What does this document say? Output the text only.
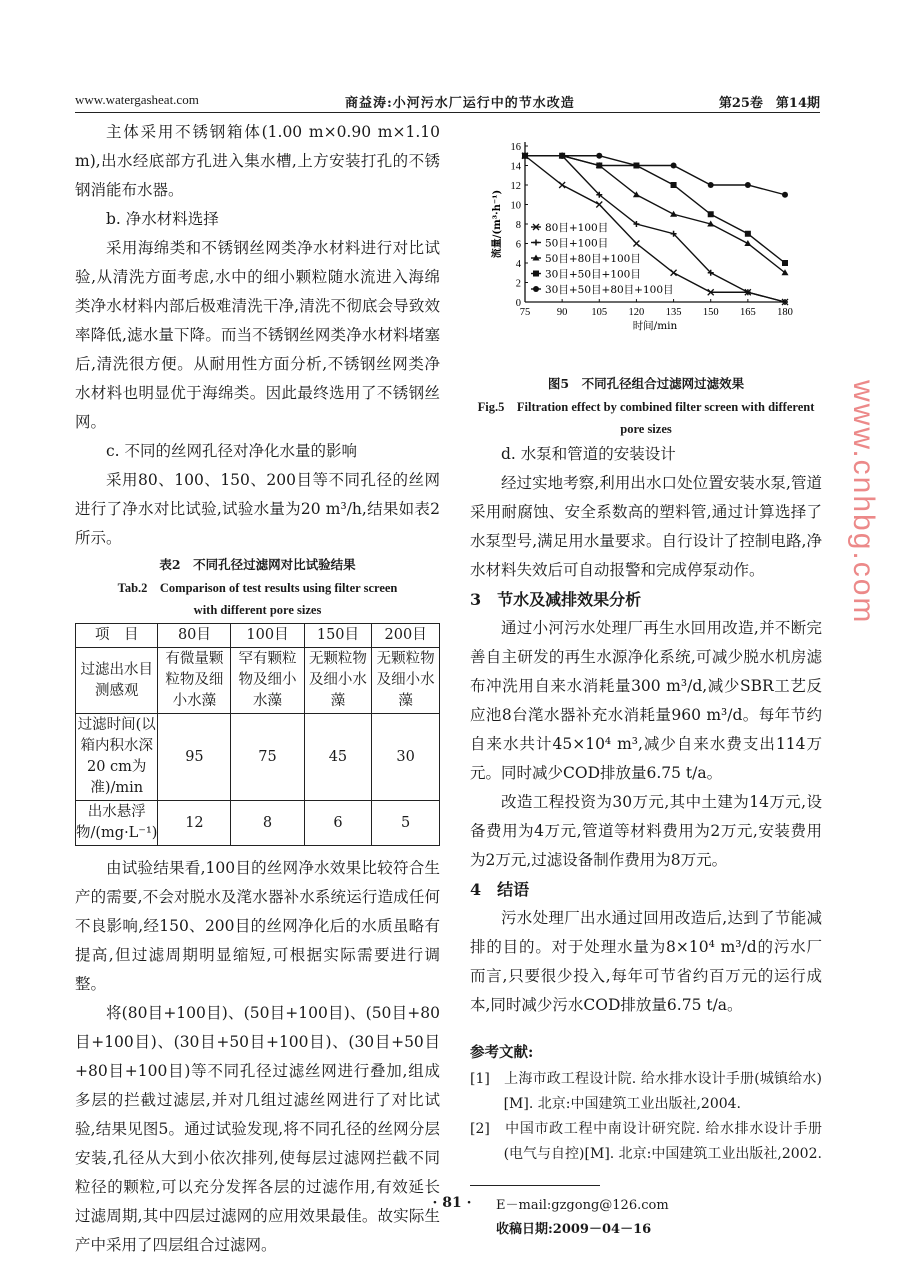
www.watergasheat.com	商益涛:小河污水厂运行中的节水改造	第25卷　第14期

主体采用不锈钢箱体(1.00 m×0.90 m×1.10 m),出水经底部方孔进入集水槽,上方安装打孔的不锈钢消能布水器。

b. 净水材料选择

采用海绵类和不锈钢丝网类净水材料进行对比试验,从清洗方面考虑,水中的细小颗粒随水流进入海绵类净水材料内部后极难清洗干净,清洗不彻底会导致效率降低,滤水量下降。而当不锈钢丝网类净水材料堵塞后,清洗很方便。从耐用性方面分析,不锈钢丝网类净水材料也明显优于海绵类。因此最终选用了不锈钢丝网。

c. 不同的丝网孔径对净化水量的影响

采用80、100、150、200目等不同孔径的丝网进行了净水对比试验,试验水量为20 m³/h,结果如表2所示。

表2　不同孔径过滤网对比试验结果

Tab.2　Comparison of test results using filter screen with different pore sizes

项　目	80目	100目	150目	200目
过滤出水目测感观	有微量颗粒物及细小水藻	罕有颗粒物及细小水藻	无颗粒物及细小水藻	无颗粒物及细小水藻
过滤时间(以箱内积水深20 cm为准)/min	95	75	45	30
出水悬浮物/(mg·L⁻¹)	12	8	6	5

由试验结果看,100目的丝网净水效果比较符合生产的需要,不会对脱水及滗水器补水系统运行造成任何不良影响,经150、200目的丝网净化后的水质虽略有提高,但过滤周期明显缩短,可根据实际需要进行调整。

将(80目+100目)、(50目+100目)、(50目+80目+100目)、(30目+50目+100目)、(30目+50目+80目+100目)等不同孔径过滤丝网进行叠加,组成多层的拦截过滤层,并对几组过滤丝网进行了对比试验,结果见图5。通过试验发现,将不同孔径的丝网分层安装,孔径从大到小依次排列,使每层过滤网拦截不同粒径的颗粒,可以充分发挥各层的过滤作用,有效延长过滤周期,其中四层过滤网的应用效果最佳。故实际生产中采用了四层组合过滤网。

75	90 105 120 135 150 165 180
0
2
4
6
8
10
12
14
16
时间/min
流量/(m³·h⁻¹)	80目+100目
50目+100目
50目+80目+100目
30目+50目+100目
30目+50目+80目+100目

图5　不同孔径组合过滤网过滤效果

Fig.5　Filtration effect by combined filter screen with different pore sizes

d. 水泵和管道的安装设计

经过实地考察,利用出水口处位置安装水泵,管道采用耐腐蚀、安全系数高的塑料管,通过计算选择了水泵型号,满足用水量要求。自行设计了控制电路,净水材料失效后可自动报警和完成停泵动作。

3　节水及减排效果分析

通过小河污水处理厂再生水回用改造,并不断完善自主研发的再生水源净化系统,可减少脱水机房滤布冲洗用自来水消耗量300 m³/d,减少SBR工艺反应池8台滗水器补充水消耗量960 m³/d。每年节约自来水共计45×10⁴ m³,减少自来水费支出114万元。同时减少COD排放量6.75 t/a。

改造工程投资为30万元,其中土建为14万元,设备费用为4万元,管道等材料费用为2万元,安装费用为2万元,过滤设备制作费用为8万元。

4　结语

污水处理厂出水通过回用改造后,达到了节能减排的目的。对于处理水量为8×10⁴ m³/d的污水厂而言,只要很少投入,每年可节省约百万元的运行成本,同时减少污水COD排放量6.75 t/a。

参考文献:
[1]　上海市政工程设计院. 给水排水设计手册(城镇给水)[M]. 北京:中国建筑工业出版社,2004.
[2]　中国市政工程中南设计研究院. 给水排水设计手册(电气与自控)[M]. 北京:中国建筑工业出版社,2002.
E－mail:gzgong@126.com
收稿日期:2009－04－16
· 81 ·
www.cnhbg.com
